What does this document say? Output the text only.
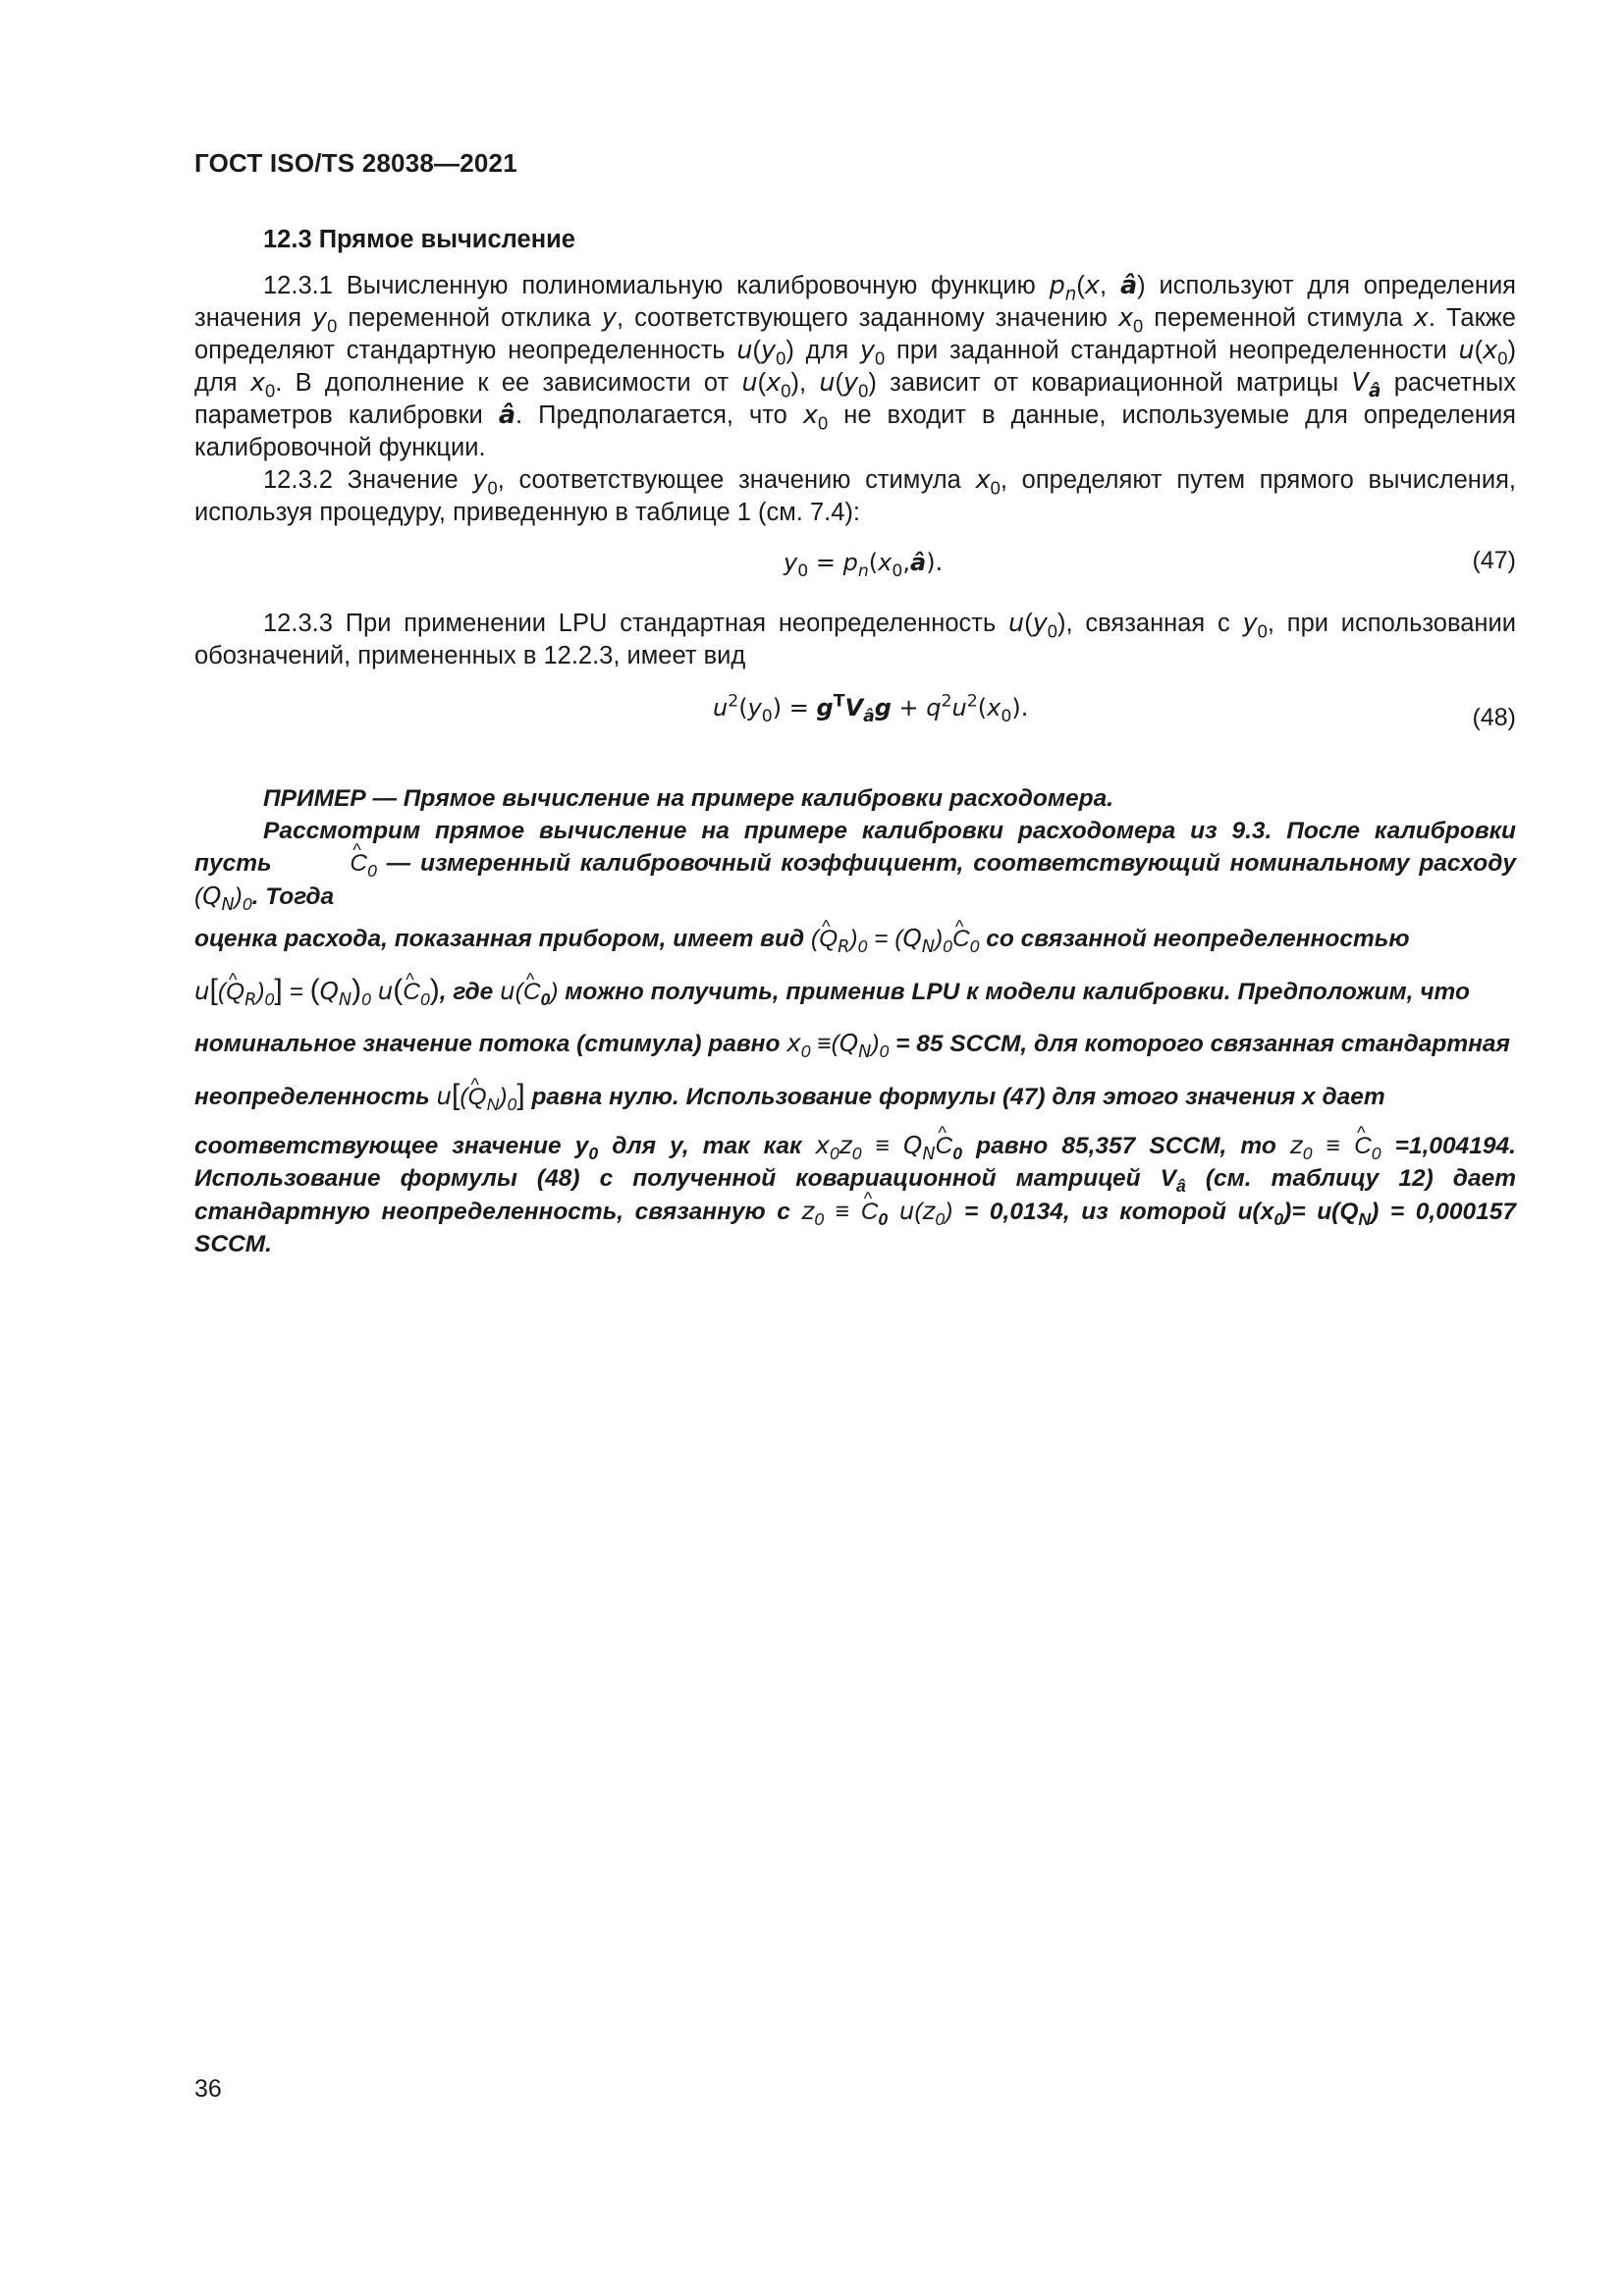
ГОСТ ISO/TS 28038—2021
12.3 Прямое вычисление

12.3.1 Вычисленную полиномиальную калибровочную функцию $p_n(x$, â) используют для определения значения $y_0$ переменной отклика y, соответствующего заданному значению $x_0$ переменной стимула x. Также определяют стандартную неопределенность $u(y_0)$ для $y_0$ при заданной стандартной неопределенности $u(x_0)$ для $x_0$. В дополнение к ее зависимости от $u(x_0)$, $u(y_0)$ зависит от ковариационной матрицы $V_â$ расчетных параметров калибровки â. Предполагается, что $x_0$ не входит в данные, используемые для определения калибровочной функции.

12.3.2 Значение $y_0$, соответствующее значению стимула $x_0$, определяют путем прямого вычисления, используя процедуру, приведенную в таблице 1 (см. 7.4):

$y_0$ = $p_n(x_0,â)$.	(47)

12.3.3 При применении LPU стандартная неопределенность $u(y_0)$, связанная с $y_0$, при использовании обозначений, примененных в 12.2.3, имеет вид

$u^2(y_0) = g^TV_âg + q^2u^2(x_0)$.	(48)

ПРИМЕР — Прямое вычисление на примере калибровки расходомера.

Рассмотрим прямое вычисление на примере калибровки расходомера из 9.3. После калибровки пусть ^	$C_0$ — измеренный калибровочный коэффициент, соответствующий номинальному расходу $(Q_N)_0$. Тогда

оценка расхода, показанная прибором, имеет вид (^ $Q_R)_0$ = $(Q_N)_0\^{}$ $C_0$ со связанной неопределенностью

u[(^ $Q_R)_0] = (Q_N)_0$ u(^ $C_0$), где u(^ $C_0$) можно получить, применив LPU к модели калибровки. Предположим, что

номинальное значение потока (стимула) равно $x_0 \equiv(Q_N)_0 = 85$ SCCM, для которого связанная стандартная

неопределенность u[(^ $Q_N)_0$] равна нулю. Использование формулы (47) для этого значения x дает

соответствующее значение $y_0$ для y, так как $x_0z_0$ ≡ $Q_N\^{}$ $C_0$ равно 85,357 SCCM, то $z_0$ ≡ ^ $C_0 =1,004194$. Использование формулы (48) с полученной ковариационной матрицей $V_â$ (см. таблицу 12) дает стандартную неопределенность, связанную с $z_0$ ≡ ^ $C_0$ $u(z_0) = 0,0134$, из которой $u(x_0)= u(Q_N) = 0,000157$ SCCM.

36
